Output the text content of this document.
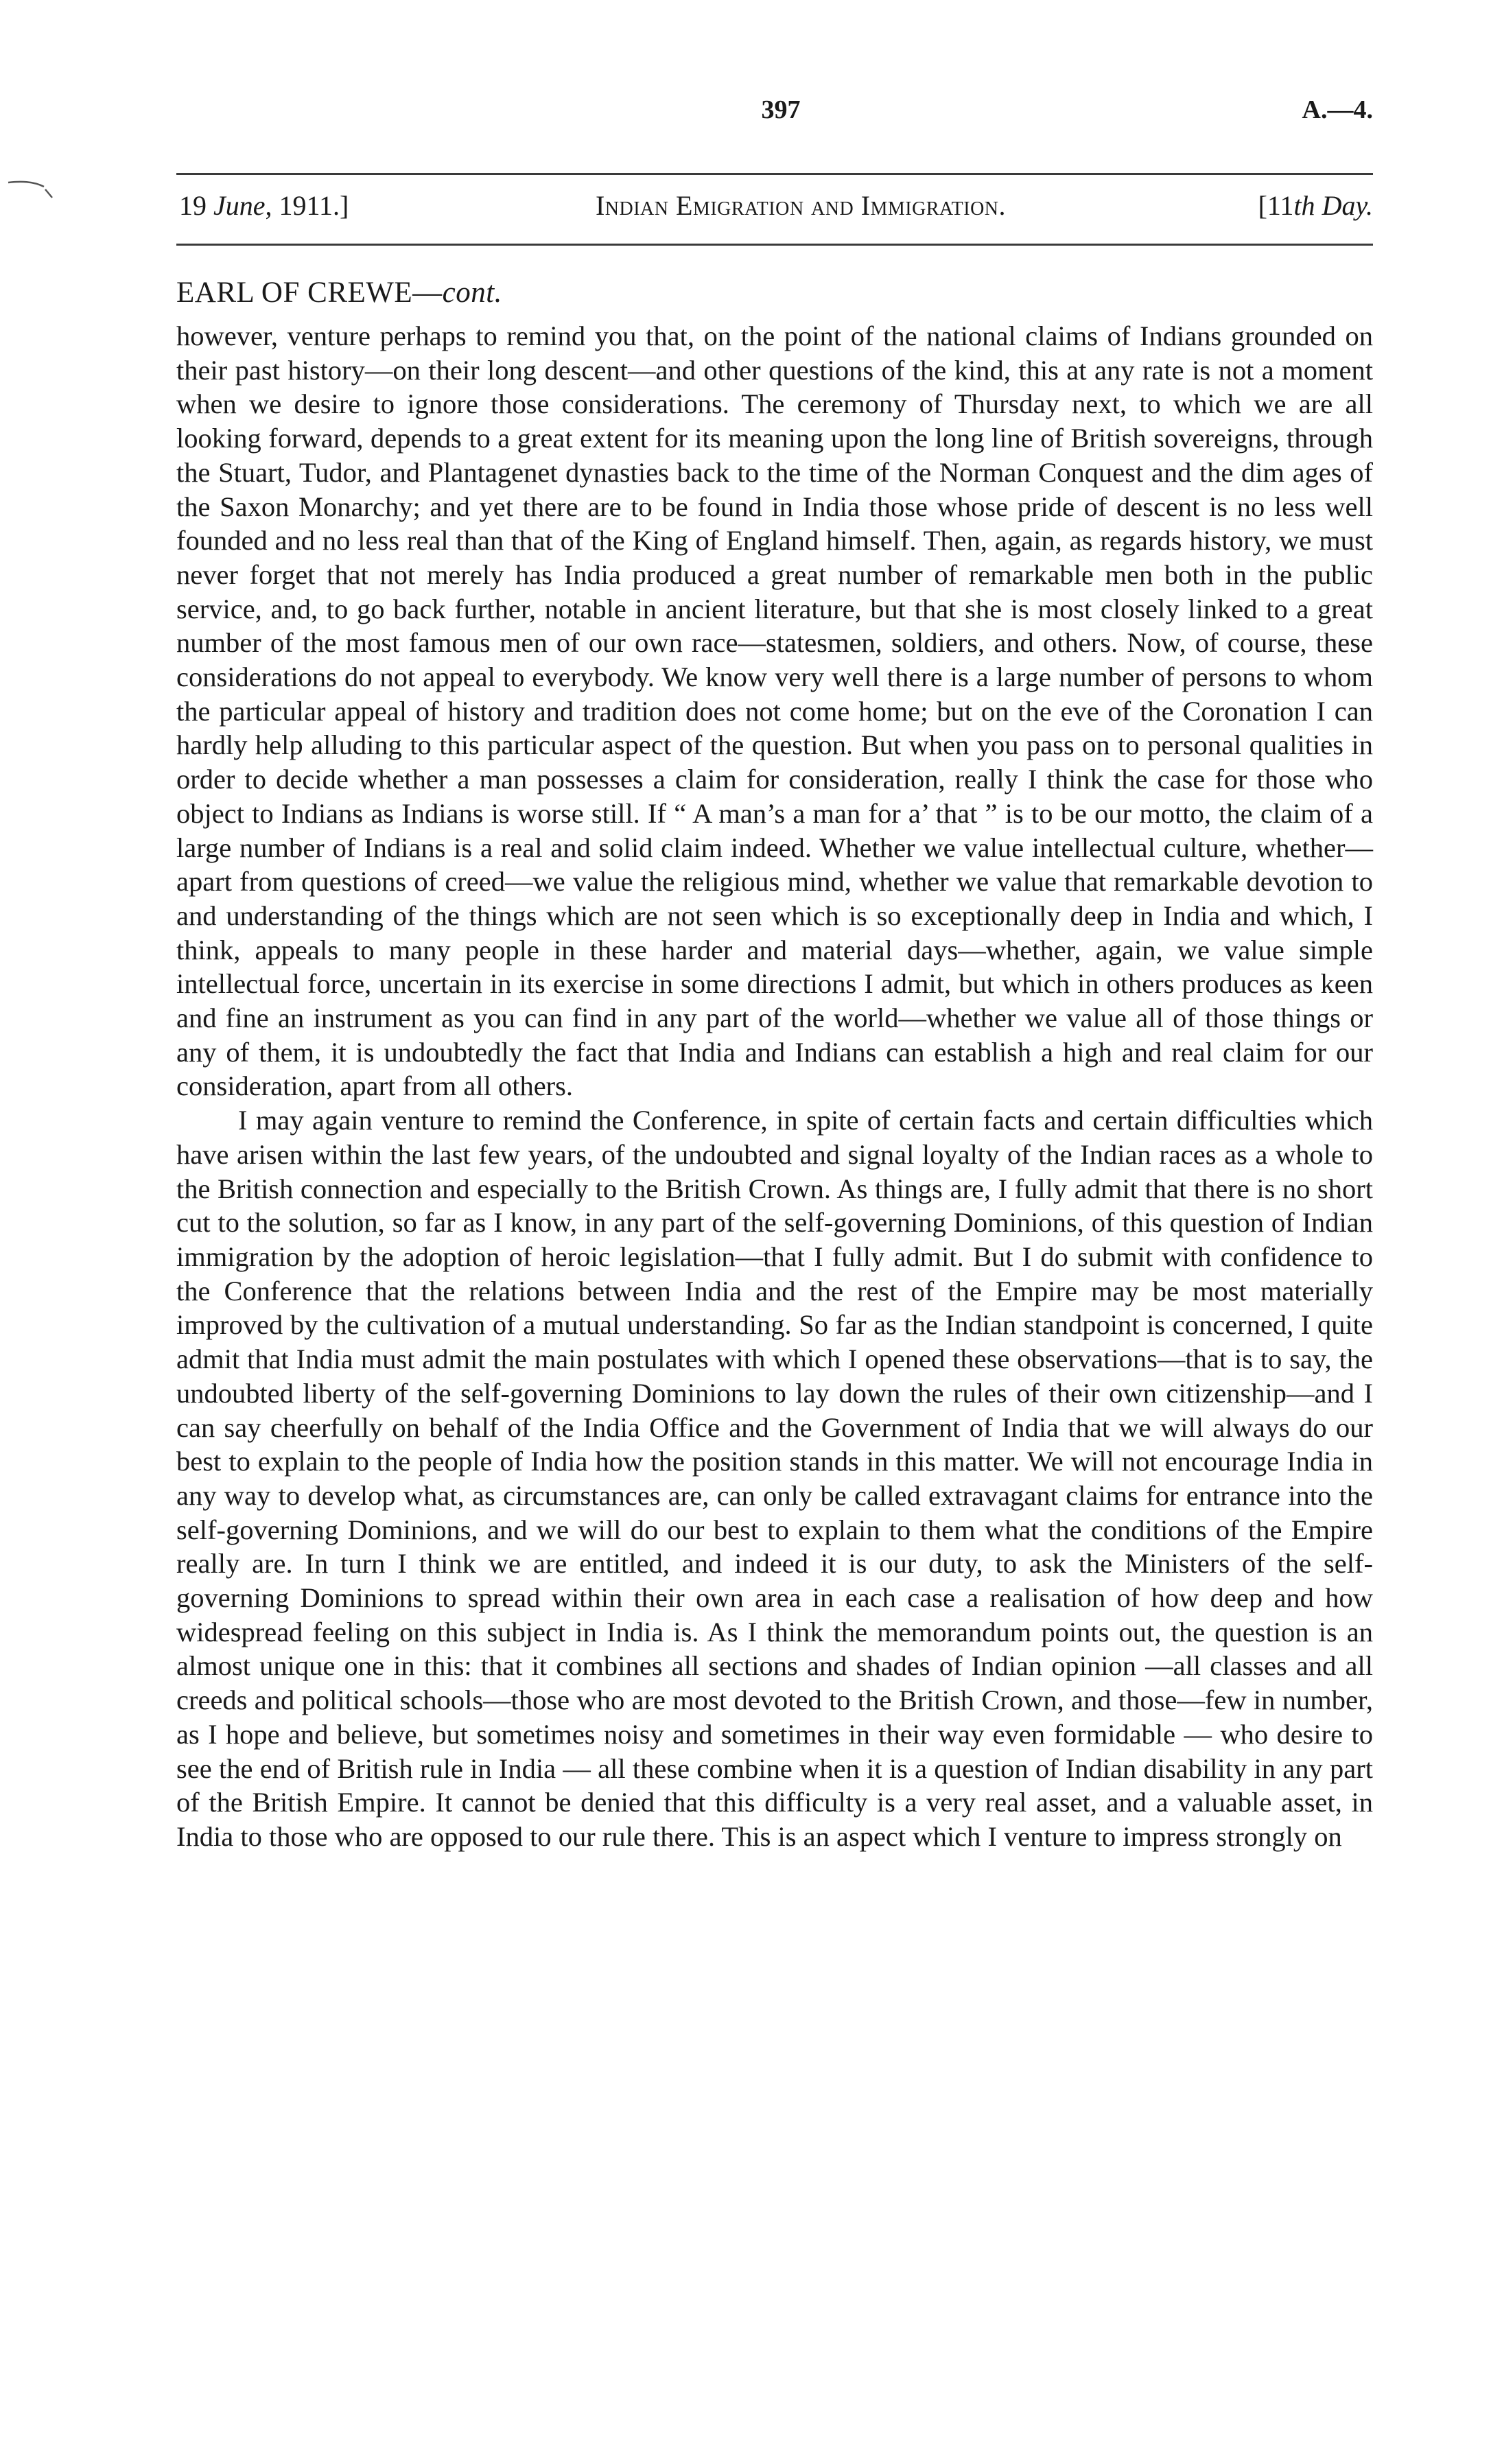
397	A.—4.
19 June, 1911.]	Indian Emigration and Immigration.	[11th Day.
EARL OF CREWE—cont.

however, venture perhaps to remind you that, on the point of the national claims of Indians grounded on their past history—on their long descent—and other questions of the kind, this at any rate is not a moment when we desire to ignore those considerations. The ceremony of Thursday next, to which we are all looking forward, depends to a great extent for its meaning upon the long line of British sovereigns, through the Stuart, Tudor, and Plantagenet dynasties back to the time of the Norman Conquest and the dim ages of the Saxon Monarchy; and yet there are to be found in India those whose pride of descent is no less well founded and no less real than that of the King of England himself. Then, again, as regards history, we must never forget that not merely has India produced a great number of remarkable men both in the public service, and, to go back further, notable in ancient literature, but that she is most closely linked to a great number of the most famous men of our own race—statesmen, soldiers, and others. Now, of course, these considerations do not appeal to everybody. We know very well there is a large number of persons to whom the particular appeal of history and tradition does not come home; but on the eve of the Coronation I can hardly help alluding to this particular aspect of the question. But when you pass on to personal qualities in order to decide whether a man possesses a claim for consideration, really I think the case for those who object to Indians as Indians is worse still. If “ A man’s a man for a’ that ” is to be our motto, the claim of a large number of Indians is a real and solid claim indeed. Whether we value intellectual culture, whether—apart from questions of creed—we value the religious mind, whether we value that remarkable devotion to and understanding of the things which are not seen which is so exceptionally deep in India and which, I think, appeals to many people in these harder and material days—whether, again, we value simple intellectual force, uncertain in its exercise in some directions I admit, but which in others produces as keen and fine an instrument as you can find in any part of the world—whether we value all of those things or any of them, it is undoubtedly the fact that India and Indians can establish a high and real claim for our consideration, apart from all others.

I may again venture to remind the Conference, in spite of certain facts and certain difficulties which have arisen within the last few years, of the undoubted and signal loyalty of the Indian races as a whole to the British connection and especially to the British Crown. As things are, I fully admit that there is no short cut to the solution, so far as I know, in any part of the self-governing Dominions, of this question of Indian immigration by the adoption of heroic legislation—that I fully admit. But I do submit with confidence to the Conference that the relations between India and the rest of the Empire may be most materially improved by the cultivation of a mutual understanding. So far as the Indian standpoint is concerned, I quite admit that India must admit the main postulates with which I opened these observations—that is to say, the undoubted liberty of the self-governing Dominions to lay down the rules of their own citizenship—and I can say cheerfully on behalf of the India Office and the Government of India that we will always do our best to explain to the people of India how the position stands in this matter. We will not encourage India in any way to develop what, as circumstances are, can only be called extravagant claims for entrance into the self-governing Dominions, and we will do our best to explain to them what the conditions of the Empire really are. In turn I think we are entitled, and indeed it is our duty, to ask the Ministers of the self-governing Dominions to spread within their own area in each case a realisation of how deep and how widespread feeling on this subject in India is. As I think the memorandum points out, the question is an almost unique one in this: that it combines all sections and shades of Indian opinion —all classes and all creeds and political schools—those who are most devoted to the British Crown, and those—few in number, as I hope and believe, but sometimes noisy and sometimes in their way even formidable — who desire to see the end of British rule in India — all these combine when it is a question of Indian disability in any part of the British Empire. It cannot be denied that this difficulty is a very real asset, and a valuable asset, in India to those who are opposed to our rule there. This is an aspect which I venture to impress strongly on
